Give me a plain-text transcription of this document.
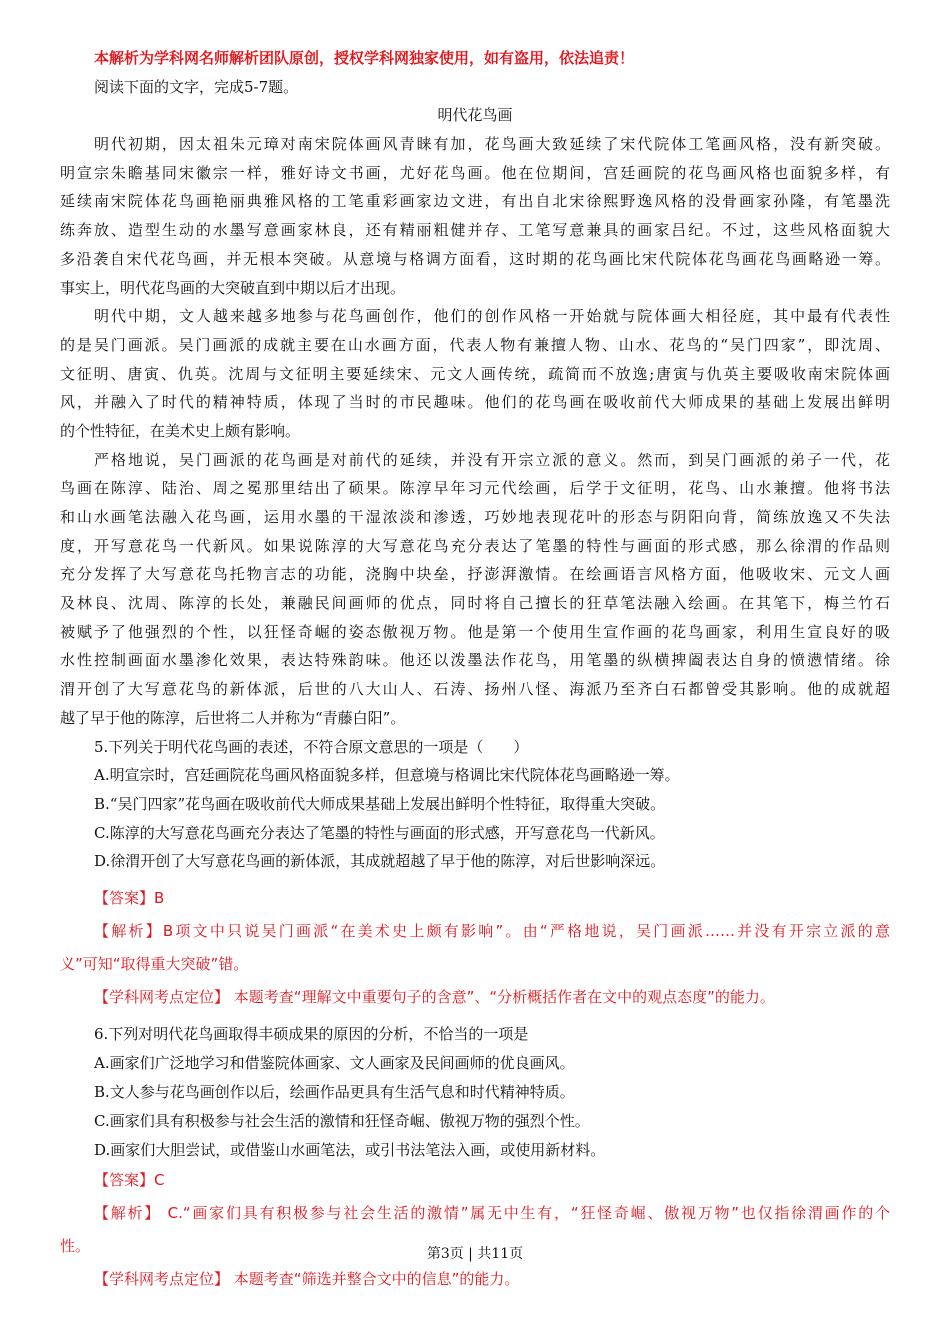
本解析为学科网名师解析团队原创，授权学科网独家使用，如有盗用，依法追责！
阅读下面的文字，完成5-7题。
明代花鸟画
明代初期，因太祖朱元璋对南宋院体画风青睐有加，花鸟画大致延续了宋代院体工笔画风格，没有新突破。
明宣宗朱瞻基同宋徽宗一样，雅好诗文书画，尤好花鸟画。他在位期间，宫廷画院的花鸟画风格也面貌多样，有
延续南宋院体花鸟画艳丽典雅风格的工笔重彩画家边文进，有出自北宋徐熙野逸风格的没骨画家孙隆，有笔墨洗
练奔放、造型生动的水墨写意画家林良，还有精丽粗健并存、工笔写意兼具的画家吕纪。不过，这些风格面貌大
多沿袭自宋代花鸟画，并无根本突破。从意境与格调方面看，这时期的花鸟画比宋代院体花鸟画花鸟画略逊一筹。
事实上，明代花鸟画的大突破直到中期以后才出现。
明代中期，文人越来越多地参与花鸟画创作，他们的创作风格一开始就与院体画大相径庭，其中最有代表性
的是吴门画派。吴门画派的成就主要在山水画方面，代表人物有兼擅人物、山水、花鸟的“吴门四家”，即沈周、
文征明、唐寅、仇英。沈周与文征明主要延续宋、元文人画传统，疏简而不放逸;唐寅与仇英主要吸收南宋院体画
风，并融入了时代的精神特质，体现了当时的市民趣味。他们的花鸟画在吸收前代大师成果的基础上发展出鲜明
的个性特征，在美术史上颇有影响。
严格地说，吴门画派的花鸟画是对前代的延续，并没有开宗立派的意义。然而，到吴门画派的弟子一代，花
鸟画在陈淳、陆治、周之冕那里结出了硕果。陈淳早年习元代绘画，后学于文征明，花鸟、山水兼擅。他将书法
和山水画笔法融入花鸟画，运用水墨的干湿浓淡和渗透，巧妙地表现花叶的形态与阴阳向背，简练放逸又不失法
度，开写意花鸟一代新风。如果说陈淳的大写意花鸟充分表达了笔墨的特性与画面的形式感，那么徐渭的作品则
充分发挥了大写意花鸟托物言志的功能，浇胸中块垒，抒澎湃激情。在绘画语言风格方面，他吸收宋、元文人画
及林良、沈周、陈淳的长处，兼融民间画师的优点，同时将自己擅长的狂草笔法融入绘画。在其笔下，梅兰竹石
被赋予了他强烈的个性，以狂怪奇崛的姿态傲视万物。他是第一个使用生宣作画的花鸟画家，利用生宣良好的吸
水性控制画面水墨渗化效果，表达特殊韵味。他还以泼墨法作花鸟，用笔墨的纵横捭阖表达自身的愤懑情绪。徐
渭开创了大写意花鸟的新体派，后世的八大山人、石涛、扬州八怪、海派乃至齐白石都曾受其影响。他的成就超
越了早于他的陈淳，后世将二人并称为“青藤白阳”。
5.下列关于明代花鸟画的表述，不符合原文意思的一项是（　　）
A.明宣宗时，宫廷画院花鸟画风格面貌多样，但意境与格调比宋代院体花鸟画略逊一筹。
B.“吴门四家”花鸟画在吸收前代大师成果基础上发展出鲜明个性特征，取得重大突破。
C.陈淳的大写意花鸟画充分表达了笔墨的特性与画面的形式感，开写意花鸟一代新风。
D.徐渭开创了大写意花鸟画的新体派，其成就超越了早于他的陈淳，对后世影响深远。
【答案】B
【解析】B项文中只说吴门画派“在美术史上颇有影响”。由“严格地说，吴门画派……并没有开宗立派的意
义”可知“取得重大突破”错。
【学科网考点定位】 本题考查“理解文中重要句子的含意”、“分析概括作者在文中的观点态度”的能力。
6.下列对明代花鸟画取得丰硕成果的原因的分析，不恰当的一项是
A.画家们广泛地学习和借鉴院体画家、文人画家及民间画师的优良画风。
B.文人参与花鸟画创作以后，绘画作品更具有生活气息和时代精神特质。
C.画家们具有积极参与社会生活的激情和狂怪奇崛、傲视万物的强烈个性。
D.画家们大胆尝试，或借鉴山水画笔法，或引书法笔法入画，或使用新材料。
【答案】C
【解析】 C.“画家们具有积极参与社会生活的激情”属无中生有，“狂怪奇崛、傲视万物”也仅指徐渭画作的个
性。
【学科网考点定位】 本题考查“筛选并整合文中的信息”的能力。
第3页 | 共11页
